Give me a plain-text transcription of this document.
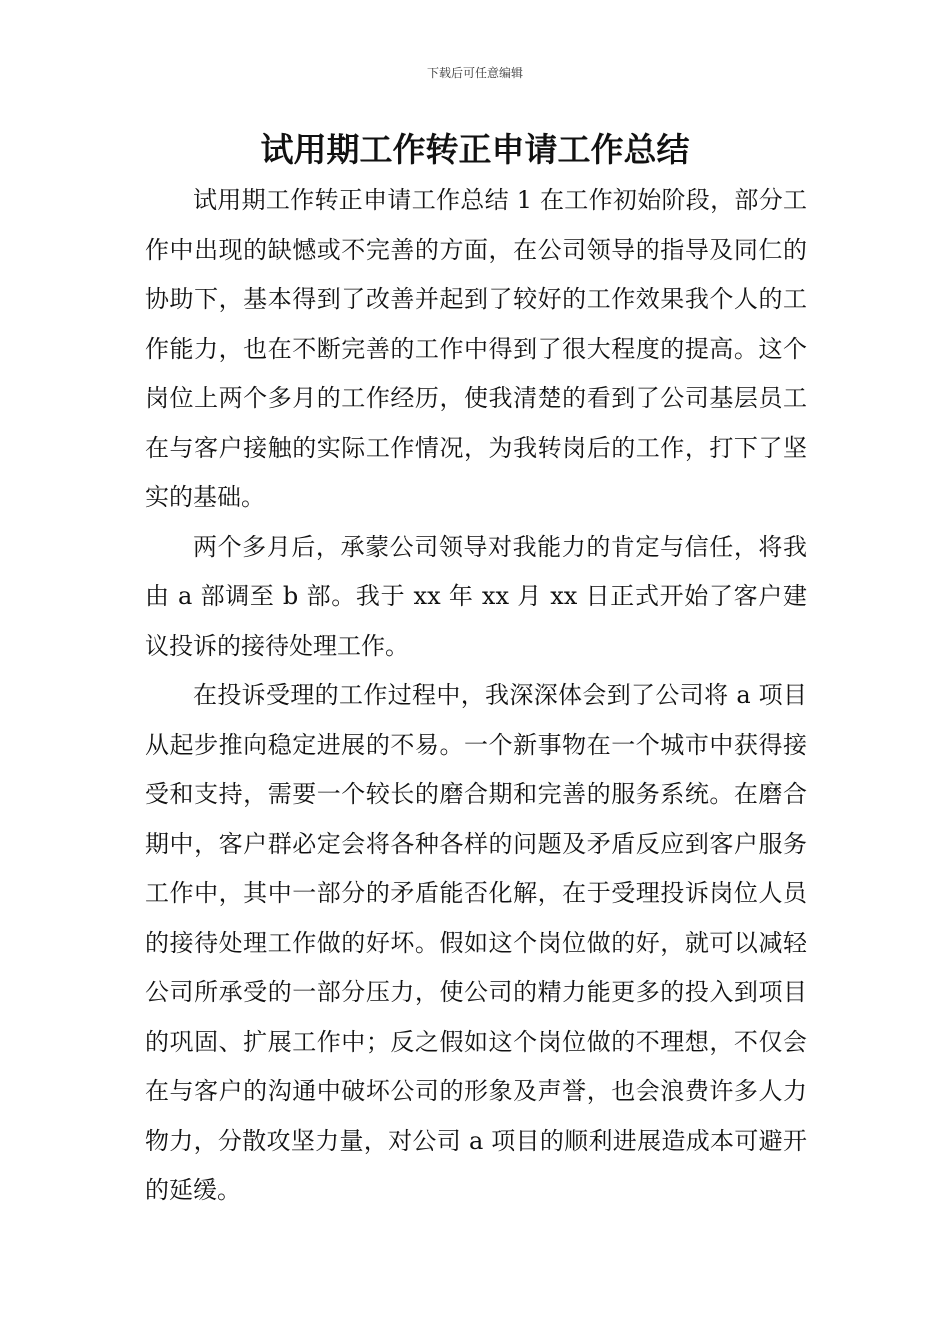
下载后可任意编辑
试用期工作转正申请工作总结

试用期工作转正申请工作总结 1 在工作初始阶段，部分工作中出现的缺憾或不完善的方面，在公司领导的指导及同仁的协助下，基本得到了改善并起到了较好的工作效果我个人的工作能力，也在不断完善的工作中得到了很大程度的提高。这个岗位上两个多月的工作经历，使我清楚的看到了公司基层员工在与客户接触的实际工作情况，为我转岗后的工作，打下了坚实的基础。

两个多月后，承蒙公司领导对我能力的肯定与信任，将我由 a 部调至 b 部。我于 xx 年 xx 月 xx 日正式开始了客户建议投诉的接待处理工作。

在投诉受理的工作过程中，我深深体会到了公司将 a 项目从起步推向稳定进展的不易。一个新事物在一个城市中获得接受和支持，需要一个较长的磨合期和完善的服务系统。在磨合期中，客户群必定会将各种各样的问题及矛盾反应到客户服务工作中，其中一部分的矛盾能否化解，在于受理投诉岗位人员的接待处理工作做的好坏。假如这个岗位做的好，就可以减轻公司所承受的一部分压力，使公司的精力能更多的投入到项目的巩固、扩展工作中；反之假如这个岗位做的不理想，不仅会在与客户的沟通中破坏公司的形象及声誉，也会浪费许多人力物力，分散攻坚力量，对公司 a 项目的顺利进展造成本可避开的延缓。
